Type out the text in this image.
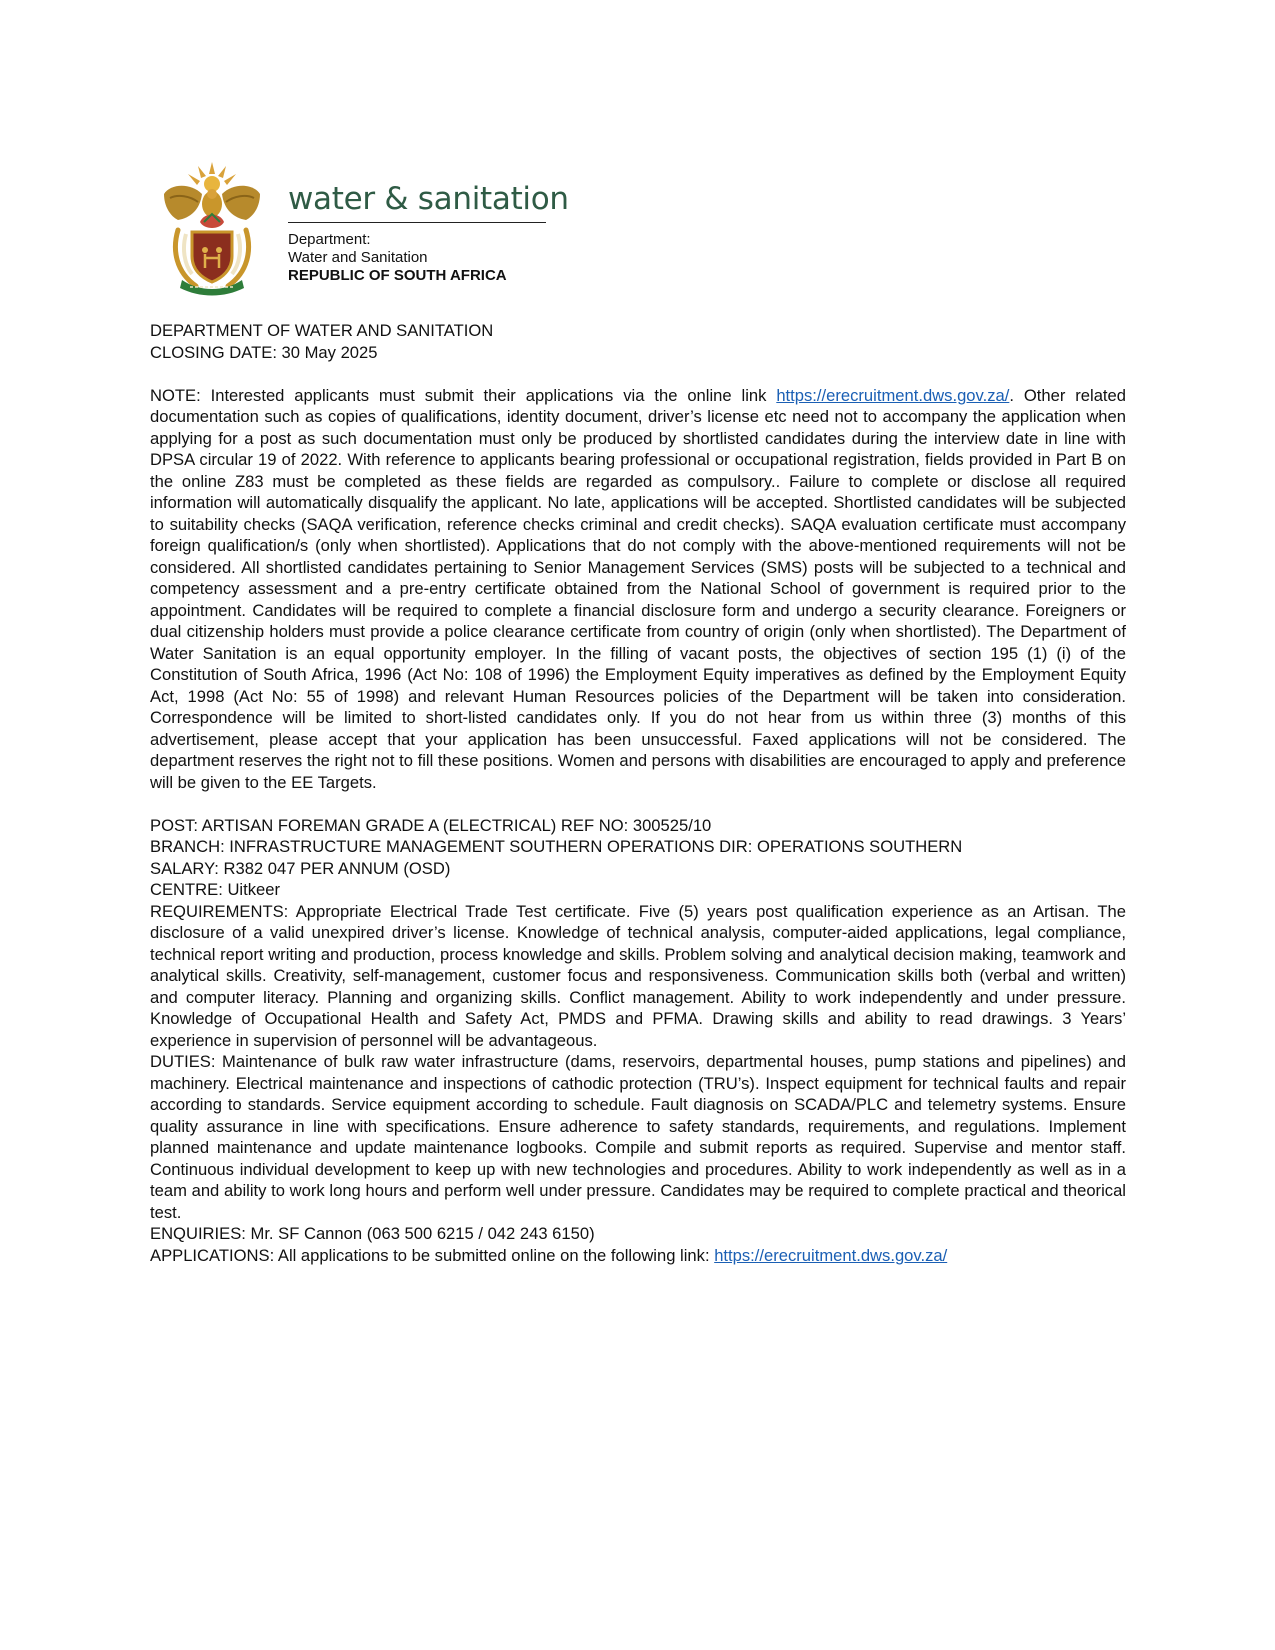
water & sanitation
Department:
Water and Sanitation
REPUBLIC OF SOUTH AFRICA

DEPARTMENT OF WATER AND SANITATION

CLOSING DATE: 30 May 2025

NOTE: Interested applicants must submit their applications via the online link https://erecruitment.dws.gov.za/. Other related documentation such as copies of qualifications, identity document, driver’s license etc need not to accompany the application when applying for a post as such documentation must only be produced by shortlisted candidates during the interview date in line with DPSA circular 19 of 2022. With reference to applicants bearing professional or occupational registration, fields provided in Part B on the online Z83 must be completed as these fields are regarded as compulsory.. Failure to complete or disclose all required information will automatically disqualify the applicant. No late, applications will be accepted. Shortlisted candidates will be subjected to suitability checks (SAQA verification, reference checks criminal and credit checks). SAQA evaluation certificate must accompany foreign qualification/s (only when shortlisted). Applications that do not comply with the above-mentioned requirements will not be considered. All shortlisted candidates pertaining to Senior Management Services (SMS) posts will be subjected to a technical and competency assessment and a pre-entry certificate obtained from the National School of government is required prior to the appointment. Candidates will be required to complete a financial disclosure form and undergo a security clearance. Foreigners or dual citizenship holders must provide a police clearance certificate from country of origin (only when shortlisted). The Department of Water Sanitation is an equal opportunity employer. In the filling of vacant posts, the objectives of section 195 (1) (i) of the Constitution of South Africa, 1996 (Act No: 108 of 1996) the Employment Equity imperatives as defined by the Employment Equity Act, 1998 (Act No: 55 of 1998) and relevant Human Resources policies of the Department will be taken into consideration. Correspondence will be limited to short-listed candidates only. If you do not hear from us within three (3) months of this advertisement, please accept that your application has been unsuccessful. Faxed applications will not be considered. The department reserves the right not to fill these positions. Women and persons with disabilities are encouraged to apply and preference will be given to the EE Targets.

POST: ARTISAN FOREMAN GRADE A (ELECTRICAL) REF NO: 300525/10

BRANCH: INFRASTRUCTURE MANAGEMENT SOUTHERN OPERATIONS DIR: OPERATIONS SOUTHERN

SALARY: R382 047 PER ANNUM (OSD)

CENTRE: Uitkeer

REQUIREMENTS: Appropriate Electrical Trade Test certificate. Five (5) years post qualification experience as an Artisan. The disclosure of a valid unexpired driver’s license. Knowledge of technical analysis, computer-aided applications, legal compliance, technical report writing and production, process knowledge and skills. Problem solving and analytical decision making, teamwork and analytical skills. Creativity, self-management, customer focus and responsiveness. Communication skills both (verbal and written) and computer literacy. Planning and organizing skills. Conflict management. Ability to work independently and under pressure. Knowledge of Occupational Health and Safety Act, PMDS and PFMA. Drawing skills and ability to read drawings. 3 Years’ experience in supervision of personnel will be advantageous.

DUTIES: Maintenance of bulk raw water infrastructure (dams, reservoirs, departmental houses, pump stations and pipelines) and machinery. Electrical maintenance and inspections of cathodic protection (TRU’s). Inspect equipment for technical faults and repair according to standards. Service equipment according to schedule. Fault diagnosis on SCADA/PLC and telemetry systems. Ensure quality assurance in line with specifications. Ensure adherence to safety standards, requirements, and regulations. Implement planned maintenance and update maintenance logbooks. Compile and submit reports as required. Supervise and mentor staff. Continuous individual development to keep up with new technologies and procedures. Ability to work independently as well as in a team and ability to work long hours and perform well under pressure. Candidates may be required to complete practical and theorical test.

ENQUIRIES: Mr. SF Cannon (063 500 6215 / 042 243 6150)

APPLICATIONS: All applications to be submitted online on the following link: https://erecruitment.dws.gov.za/
